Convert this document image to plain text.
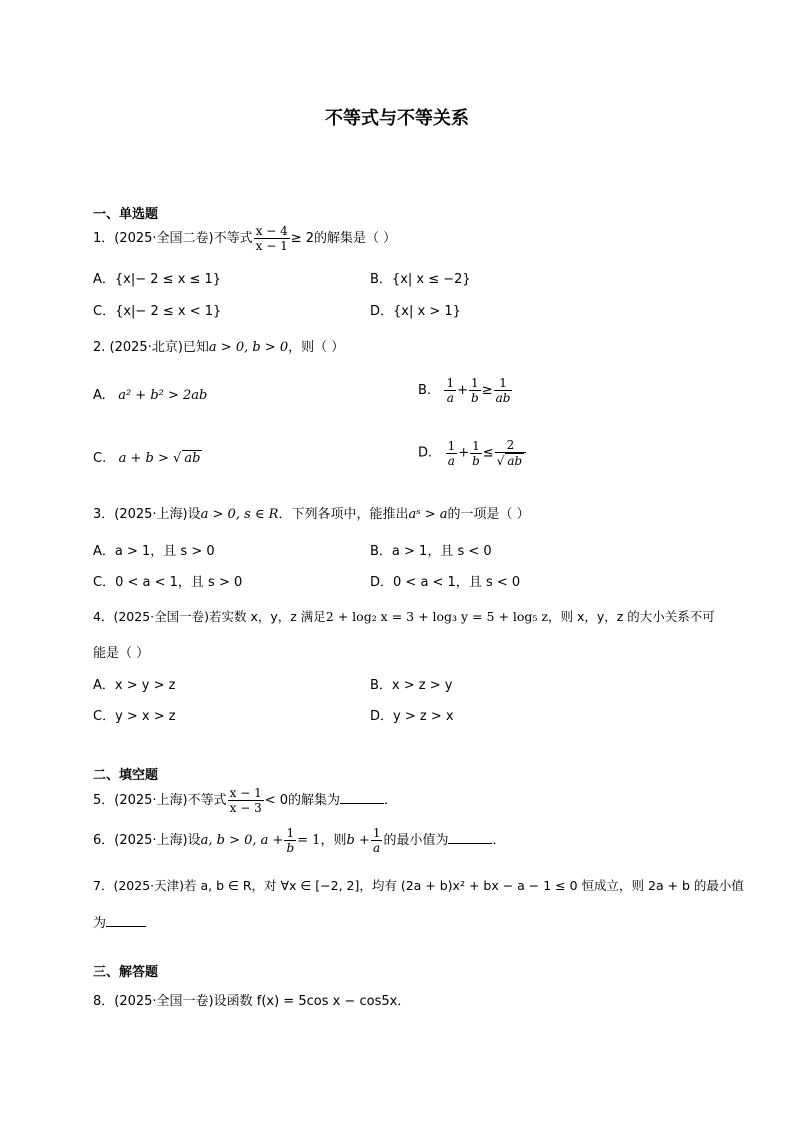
不等式与不等关系
一、单选题
1．(2025·全国二卷)不等式 $\frac{x - 4}{x - 1} \ge 2$的解集是（ ）
A．{x|− 2 ≤ x ≤ 1}	B．{x| x ≤ −2}
C．{x|− 2 ≤ x < 1}	D．{x| x > 1}
2. (2025·北京)已知a > 0, b > 0，则（ ）
A. a² + b² > 2ab	B. $\frac{1}{a} + \frac{1}{b} \ge \frac{1}{ab}$
C. a + b > √ ab	D. $\frac{1}{a} + \frac{1}{b} \le \frac{2}{√ ab}$
3．(2025·上海)设a > 0, s ∈ R．下列各项中，能推出aˢ > a的一项是（ ）
A．a > 1，且 s > 0	B．a > 1，且 s < 0
C．0 < a < 1，且 s > 0	D．0 < a < 1，且 s < 0
4．(2025·全国一卷)若实数 x，y，z 满足2 + log₂ x = 3 + log₃ y = 5 + log₅ z，则 x，y，z 的大小关系不可
能是（ ）
A．x > y > z	B．x > z > y
C．y > x > z	D．y > z > x
二、填空题
5．(2025·上海)不等式 $\frac{x - 1}{x - 3} < 0$的解集为	．
6．(2025·上海)设a, b > 0, $a + \frac{1}{b} = 1$，则$b + \frac{1}{a}$ 的最小值为	．
7．(2025·天津)若 a, b ∈ R，对 ∀x ∈ [−2, 2]，均有 (2a + b)x² + bx − a − 1 ≤ 0 恒成立，则 2a + b 的最小值
为
三、解答题
8．(2025·全国一卷)设函数 f(x) = 5cos x − cos5x．
